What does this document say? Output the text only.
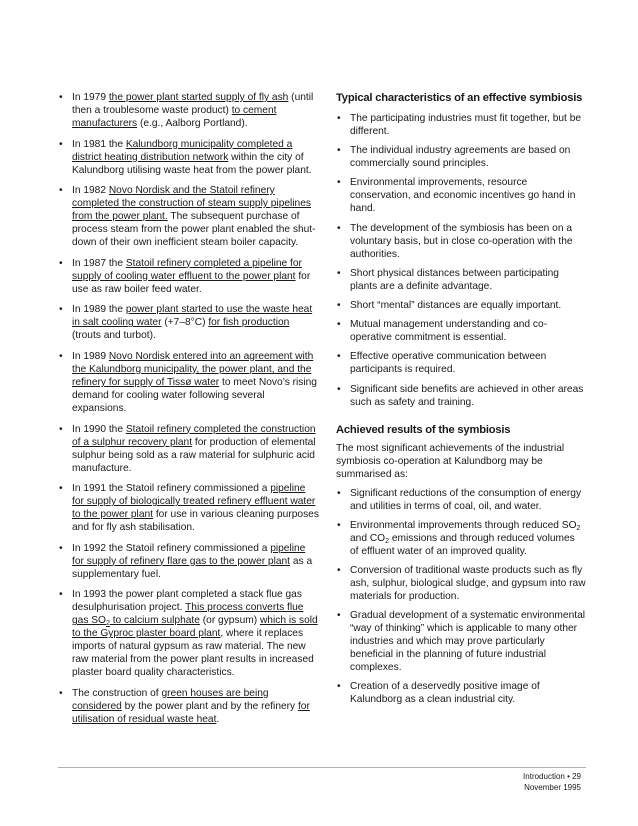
• In 1979 the power plant started supply of fly ash (until then a troublesome waste product) to cement manufacturers (e.g., Aalborg Portland).
• In 1981 the Kalundborg municipality completed a district heating distribution network within the city of Kalundborg utilising waste heat from the power plant.
• In 1982 Novo Nordisk and the Statoil refinery completed the construction of steam supply pipelines from the power plant. The subsequent purchase of process steam from the power plant enabled the shut-down of their own inefficient steam boiler capacity.
• In 1987 the Statoil refinery completed a pipeline for supply of cooling water effluent to the power plant for use as raw boiler feed water.
• In 1989 the power plant started to use the waste heat in salt cooling water (+7–8°C) for fish production (trouts and turbot).
• In 1989 Novo Nordisk entered into an agreement with the Kalundborg municipality, the power plant, and the refinery for supply of Tissø water to meet Novo’s rising demand for cooling water following several expansions.
• In 1990 the Statoil refinery completed the construction of a sulphur recovery plant for production of elemental sulphur being sold as a raw material for sulphuric acid manufacture.
• In 1991 the Statoil refinery commissioned a pipeline for supply of biologically treated refinery effluent water to the power plant for use in various cleaning purposes and for fly ash stabilisation.
• In 1992 the Statoil refinery commissioned a pipeline for supply of refinery flare gas to the power plant as a supplementary fuel.
• In 1993 the power plant completed a stack flue gas desulphurisation project. This process converts flue gas $SO_2$ to calcium sulphate (or gypsum) which is sold to the Gyproc plaster board plant, where it replaces imports of natural gypsum as raw material. The new raw material from the power plant results in increased plaster board quality characteristics.
• The construction of green houses are being considered by the power plant and by the refinery for utilisation of residual waste heat.
Typical characteristics of an effective symbiosis
• The participating industries must fit together, but be different.
• The individual industry agreements are based on commercially sound principles.
• Environmental improvements, resource conservation, and economic incentives go hand in hand.
• The development of the symbiosis has been on a voluntary basis, but in close co-operation with the authorities.
• Short physical distances between participating plants are a definite advantage.
• Short “mental” distances are equally important.
• Mutual management understanding and co-operative commitment is essential.
• Effective operative communication between participants is required.
• Significant side benefits are achieved in other areas such as safety and training.
Achieved results of the symbiosis

The most significant achievements of the industrial symbiosis co-operation at Kalundborg may be summarised as:

• Significant reductions of the consumption of energy and utilities in terms of coal, oil, and water.
• Environmental improvements through reduced $SO_2$ and $CO_2$ emissions and through reduced volumes of effluent water of an improved quality.
• Conversion of traditional waste products such as fly ash, sulphur, biological sludge, and gypsum into raw materials for production.
• Gradual development of a systematic environmental “way of thinking” which is applicable to many other industries and which may prove particularly beneficial in the planning of future industrial complexes.
• Creation of a deservedly positive image of Kalundborg as a clean industrial city.
Introduction • 29
November 1995
